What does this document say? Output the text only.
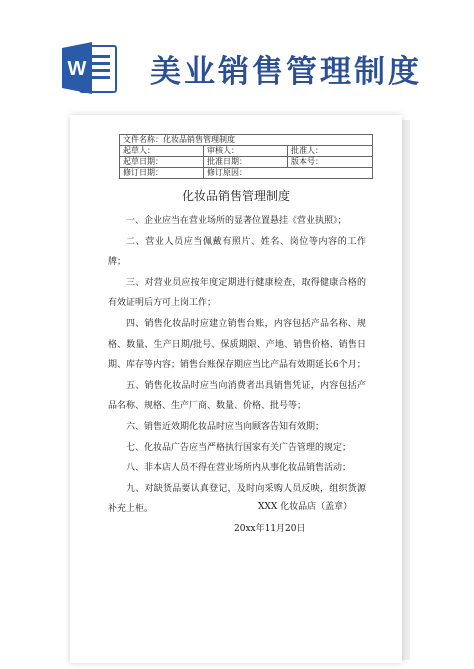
W 美业销售管理制度
文件名称：化妆品销售管理制度		
起草人：	审核人：	批准人：
起草日期：	批准日期：	版本号：
修订日期：	修订原因：	
化妆品销售管理制度

一、企业应当在营业场所的显著位置悬挂《营业执照》；

二、营业人员应当佩戴有照片、姓名、岗位等内容的工作牌；

三、对营业员应按年度定期进行健康检查，取得健康合格的有效证明后方可上岗工作；

四、销售化妆品时应建立销售台账，内容包括产品名称、规格、数量、生产日期/批号、保质期限、产地、销售价格、销售日期、库存等内容；销售台账保存期应当比产品有效期延长6个月；

五、销售化妆品时应当向消费者出具销售凭证，内容包括产品名称、规格、生产厂商、数量、价格、批号等；

六、销售近效期化妆品时应当向顾客告知有效期；

七、化妆品广告应当严格执行国家有关广告管理的规定；

八、非本店人员不得在营业场所内从事化妆品销售活动；

九、对缺货品要认真登记，及时向采购人员反映，组织货源补充上柜。	XXX 化妆品店（盖章）
20xx年11月20日
